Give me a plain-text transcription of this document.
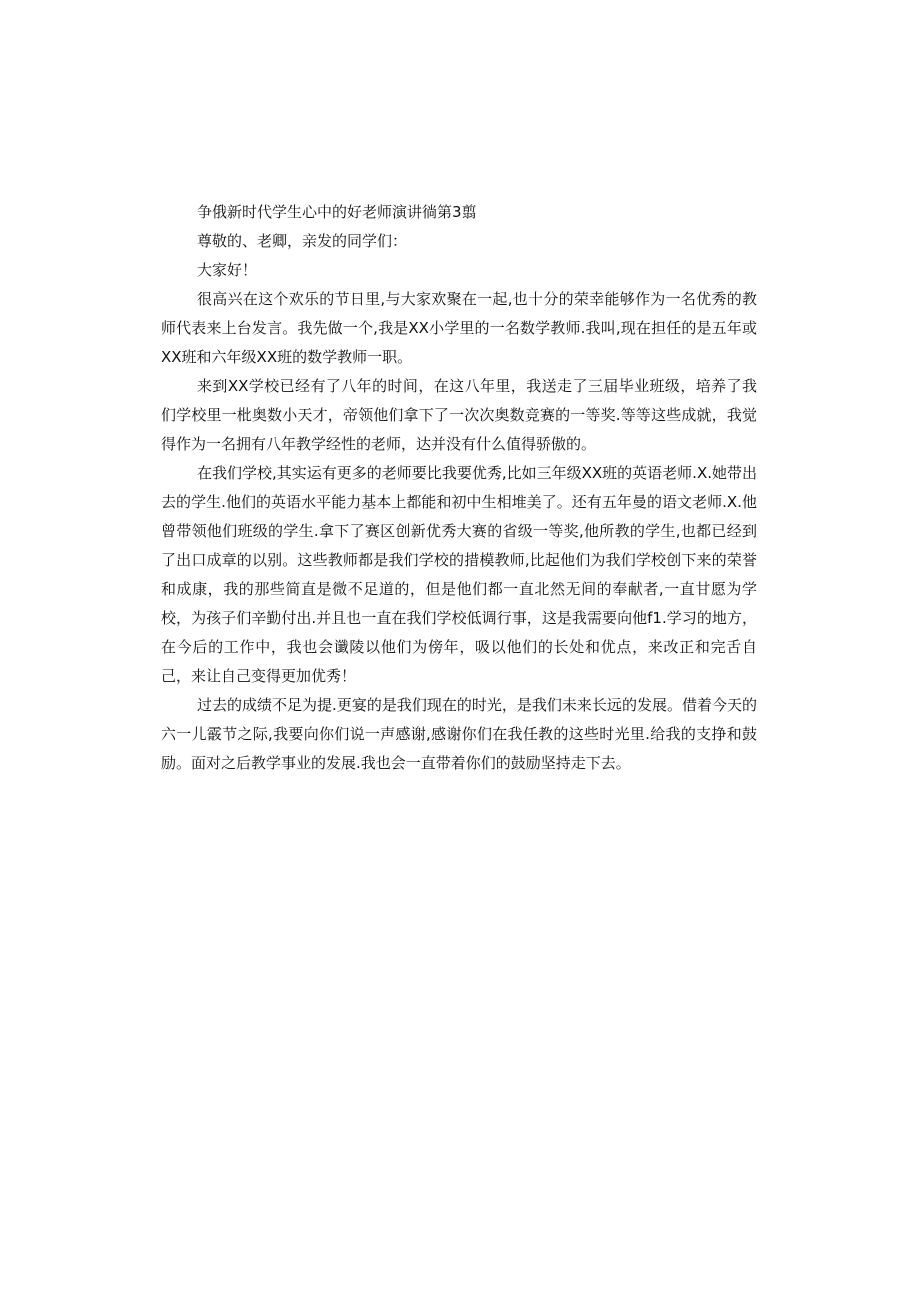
争俄新时代学生心中的好老师演讲徜第3翦

尊敬的、老卿，亲发的同学们：

大家好！

很高兴在这个欢乐的节日里,与大家欢聚在一起,也十分的荣幸能够作为一名优秀的教师代表来上台发言。我先做一个,我是XX小学里的一名数学教师.我叫,现在担任的是五年或XX班和六年级XX班的数学教师一职。

来到XX学校已经有了八年的时间，在这八年里，我送走了三届毕业班级，培养了我们学校里一枇奥数小天才，帝领他们拿下了一次次奥数竞赛的一等奖.等等这些成就，我觉得作为一名拥有八年教学经性的老师，达并没有什么值得骄傲的。

在我们学校,其实运有更多的老师要比我要优秀,比如三年级XX班的英语老师.X.她带出去的学生.他们的英语水平能力基本上都能和初中生相堆美了。还有五年曼的语文老师.X.他曾带领他们班级的学生.拿下了赛区创新优秀大赛的省级一等奖,他所教的学生,也都已经到了出口成章的以别。这些教师都是我们学校的措模教师,比起他们为我们学校创下来的荣誉和成康，我的那些简直是微不足道的，但是他们都一直北然无间的奉献者,一直甘愿为学校，为孩子们辛勤付出.并且也一直在我们学校低调行事，这是我需要向他f1.学习的地方，在今后的工作中，我也会谶陵以他们为傍年，吸以他们的长处和优点，来改正和完舌自己，来让自己变得更加优秀！

过去的成绩不足为提.更宴的是我们现在的时光，是我们未来长远的发展。借着今天的六一儿霰节之际,我要向你们说一声感谢,感谢你们在我任教的这些时光里.给我的支挣和鼓励。面对之后教学事业的发展.我也会一直带着你们的鼓励坚持走下去。
